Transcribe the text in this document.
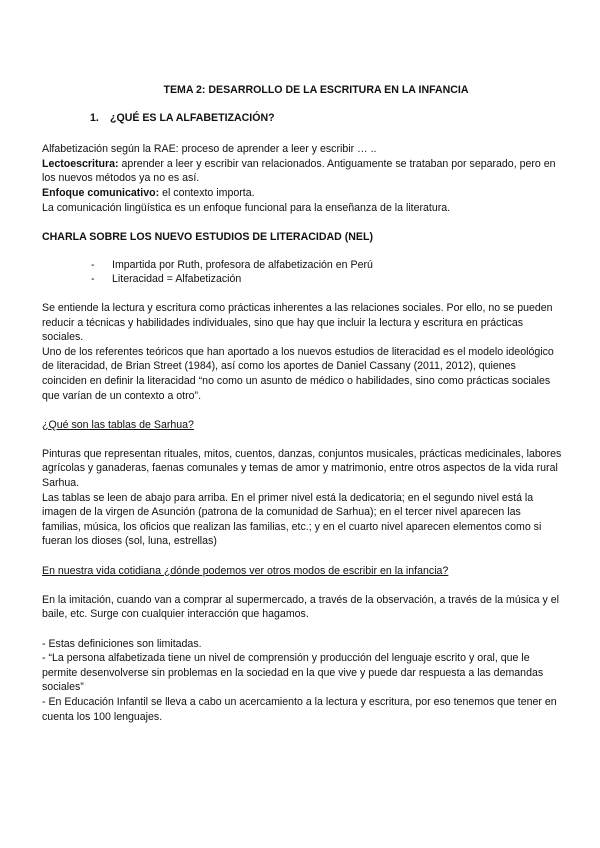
TEMA 2: DESARROLLO DE LA ESCRITURA EN LA INFANCIA

1. ¿QUÉ ES LA ALFABETIZACIÓN?

Alfabetización según la RAE: proceso de aprender a leer y escribir … ..

Lectoescritura: aprender a leer y escribir van relacionados. Antiguamente se trataban por separado, pero en los nuevos métodos ya no es así.

Enfoque comunicativo: el contexto importa.

La comunicación lingüística es un enfoque funcional para la enseñanza de la literatura.

CHARLA SOBRE LOS NUEVO ESTUDIOS DE LITERACIDAD (NEL)

- Impartida por Ruth, profesora de alfabetización en Perú
- Literacidad = Alfabetización

Se entiende la lectura y escritura como prácticas inherentes a las relaciones sociales. Por ello, no se pueden reducir a técnicas y habilidades individuales, sino que hay que incluir la lectura y escritura en prácticas sociales.

Uno de los referentes teóricos que han aportado a los nuevos estudios de literacidad es el modelo ideológico de literacidad, de Brian Street (1984), así como los aportes de Daniel Cassany (2011, 2012), quienes coinciden en definir la literacidad “no como un asunto de médico o habilidades, sino como prácticas sociales que varían de un contexto a otro”.

¿Qué son las tablas de Sarhua?

Pinturas que representan rituales, mitos, cuentos, danzas, conjuntos musicales, prácticas medicinales, labores agrícolas y ganaderas, faenas comunales y temas de amor y matrimonio, entre otros aspectos de la vida rural Sarhua.

Las tablas se leen de abajo para arriba. En el primer nivel está la dedicatoria; en el segundo nivel está la imagen de la virgen de Asunción (patrona de la comunidad de Sarhua); en el tercer nivel aparecen las familias, música, los oficios que realizan las familias, etc.; y en el cuarto nivel aparecen elementos como si fueran los dioses (sol, luna, estrellas)

En nuestra vida cotidiana ¿dónde podemos ver otros modos de escribir en la infancia?

En la imitación, cuando van a comprar al supermercado, a través de la observación, a través de la música y el baile, etc. Surge con cualquier interacción que hagamos.

- Estas definiciones son limitadas.

- “La persona alfabetizada tiene un nivel de comprensión y producción del lenguaje escrito y oral, que le permite desenvolverse sin problemas en la sociedad en la que vive y puede dar respuesta a las demandas sociales”

- En Educación Infantil se lleva a cabo un acercamiento a la lectura y escritura, por eso tenemos que tener en cuenta los 100 lenguajes.
